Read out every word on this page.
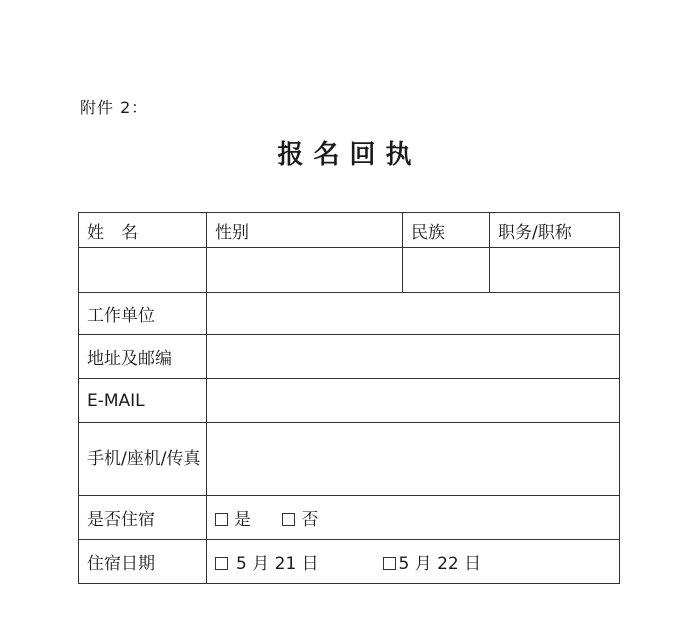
附件 2：
报名回执
姓　名	性别	民族	职务/职称

工作单位			
地址及邮编			
E-MAIL			
手机/座机/传真			
是否住宿	是 否		
住宿日期	5 月 21 日 5 月 22 日		
